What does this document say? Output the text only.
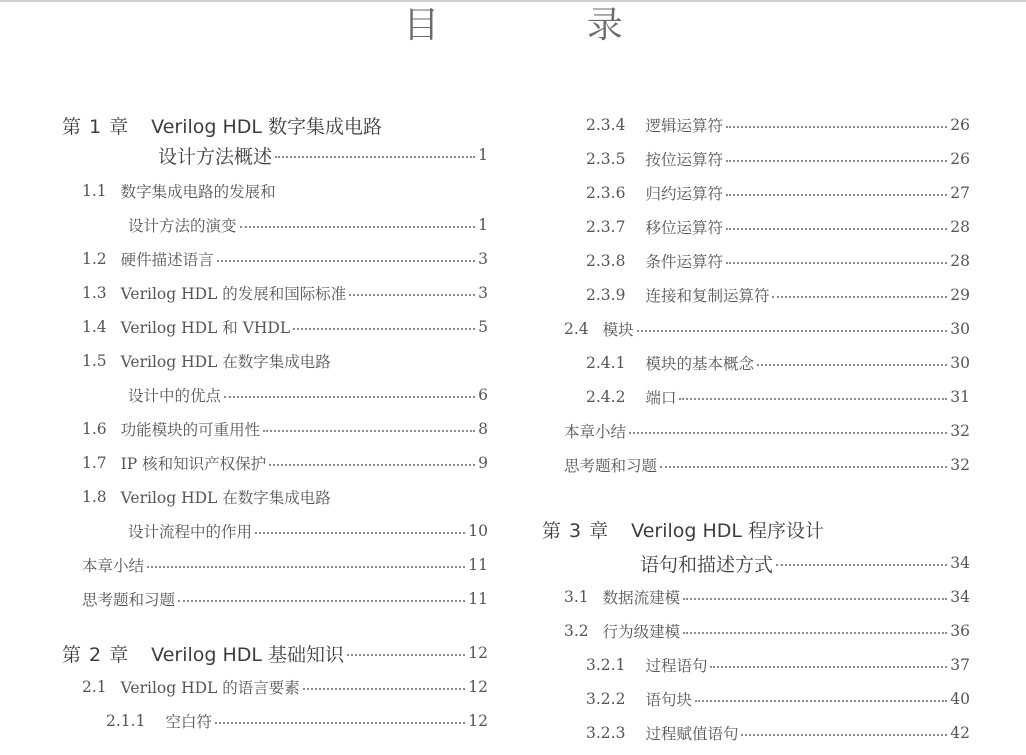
目 录
第 1 章 Verilog HDL 数字集成电路
设计方法概述	1
1.1 数字集成电路的发展和
设计方法的演变	1
1.2 硬件描述语言	3
1.3 Verilog HDL 的发展和国际标准	3
1.4 Verilog HDL 和 VHDL	5
1.5 Verilog HDL 在数字集成电路
设计中的优点	6
1.6 功能模块的可重用性	8
1.7 IP 核和知识产权保护	9
1.8 Verilog HDL 在数字集成电路
设计流程中的作用	10
本章小结	11
思考题和习题	11
第 2 章 Verilog HDL 基础知识	12
2.1 Verilog HDL 的语言要素	12
2.1.1 空白符	12
2.3.4 逻辑运算符	26
2.3.5 按位运算符	26
2.3.6 归约运算符	27
2.3.7 移位运算符	28
2.3.8 条件运算符	28
2.3.9 连接和复制运算符	29
2.4 模块	30
2.4.1 模块的基本概念	30
2.4.2 端口	31
本章小结	32
思考题和习题	32
第 3 章 Verilog HDL 程序设计
语句和描述方式	34
3.1 数据流建模	34
3.2 行为级建模	36
3.2.1 过程语句	37
3.2.2 语句块	40
3.2.3 过程赋值语句	42
